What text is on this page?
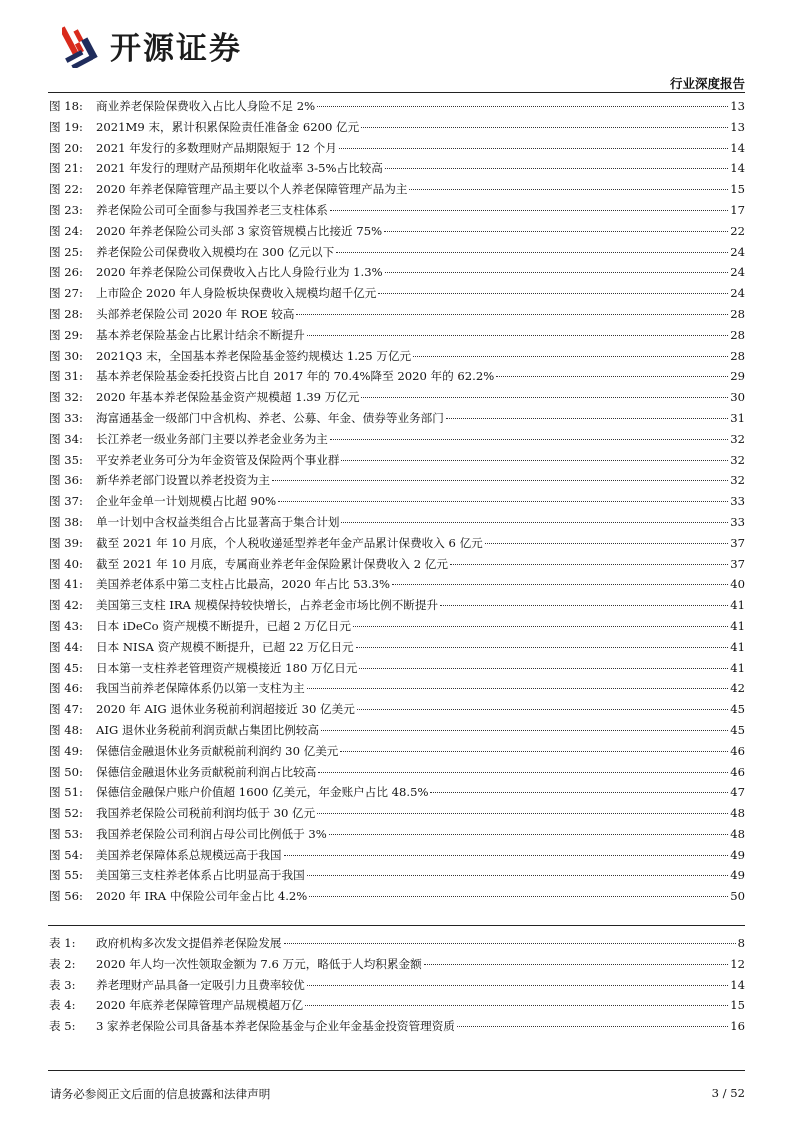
开源证券
行业深度报告
图 18:	商业养老保险保费收入占比人身险不足 2%	13
图 19:	2021M9 末，累计积累保险责任准备金 6200 亿元	13
图 20:	2021 年发行的多数理财产品期限短于 12 个月	14
图 21:	2021 年发行的理财产品预期年化收益率 3-5%占比较高	14
图 22:	2020 年养老保障管理产品主要以个人养老保障管理产品为主	15
图 23:	养老保险公司可全面参与我国养老三支柱体系	17
图 24:	2020 年养老保险公司头部 3 家资管规模占比接近 75%	22
图 25:	养老保险公司保费收入规模均在 300 亿元以下	24
图 26:	2020 年养老保险公司保费收入占比人身险行业为 1.3%	24
图 27:	上市险企 2020 年人身险板块保费收入规模均超千亿元	24
图 28:	头部养老保险公司 2020 年 ROE 较高	28
图 29:	基本养老保险基金占比累计结余不断提升	28
图 30:	2021Q3 末，全国基本养老保险基金签约规模达 1.25 万亿元	28
图 31:	基本养老保险基金委托投资占比自 2017 年的 70.4%降至 2020 年的 62.2%	29
图 32:	2020 年基本养老保险基金资产规模超 1.39 万亿元	30
图 33:	海富通基金一级部门中含机构、养老、公募、年金、债券等业务部门	31
图 34:	长江养老一级业务部门主要以养老金业务为主	32
图 35:	平安养老业务可分为年金资管及保险两个事业群	32
图 36:	新华养老部门设置以养老投资为主	32
图 37:	企业年金单一计划规模占比超 90%	33
图 38:	单一计划中含权益类组合占比显著高于集合计划	33
图 39:	截至 2021 年 10 月底，个人税收递延型养老年金产品累计保费收入 6 亿元	37
图 40:	截至 2021 年 10 月底，专属商业养老年金保险累计保费收入 2 亿元	37
图 41:	美国养老体系中第二支柱占比最高，2020 年占比 53.3%	40
图 42:	美国第三支柱 IRA 规模保持较快增长，占养老金市场比例不断提升	41
图 43:	日本 iDeCo 资产规模不断提升，已超 2 万亿日元	41
图 44:	日本 NISA 资产规模不断提升，已超 22 万亿日元	41
图 45:	日本第一支柱养老管理资产规模接近 180 万亿日元	41
图 46:	我国当前养老保障体系仍以第一支柱为主	42
图 47:	2020 年 AIG 退休业务税前利润超接近 30 亿美元	45
图 48:	AIG 退休业务税前利润贡献占集团比例较高	45
图 49:	保德信金融退休业务贡献税前利润约 30 亿美元	46
图 50:	保德信金融退休业务贡献税前利润占比较高	46
图 51:	保德信金融保户账户价值超 1600 亿美元，年金账户占比 48.5%	47
图 52:	我国养老保险公司税前利润均低于 30 亿元	48
图 53:	我国养老保险公司利润占母公司比例低于 3%	48
图 54:	美国养老保障体系总规模远高于我国	49
图 55:	美国第三支柱养老体系占比明显高于我国	49
图 56:	2020 年 IRA 中保险公司年金占比 4.2%	50
表 1:	政府机构多次发文提倡养老保险发展	8
表 2:	2020 年人均一次性领取金额为 7.6 万元，略低于人均积累金额	12
表 3:	养老理财产品具备一定吸引力且费率较优	14
表 4:	2020 年底养老保障管理产品规模超万亿	15
表 5:	3 家养老保险公司具备基本养老保险基金与企业年金基金投资管理资质	16
请务必参阅正文后面的信息披露和法律声明	3 / 52
